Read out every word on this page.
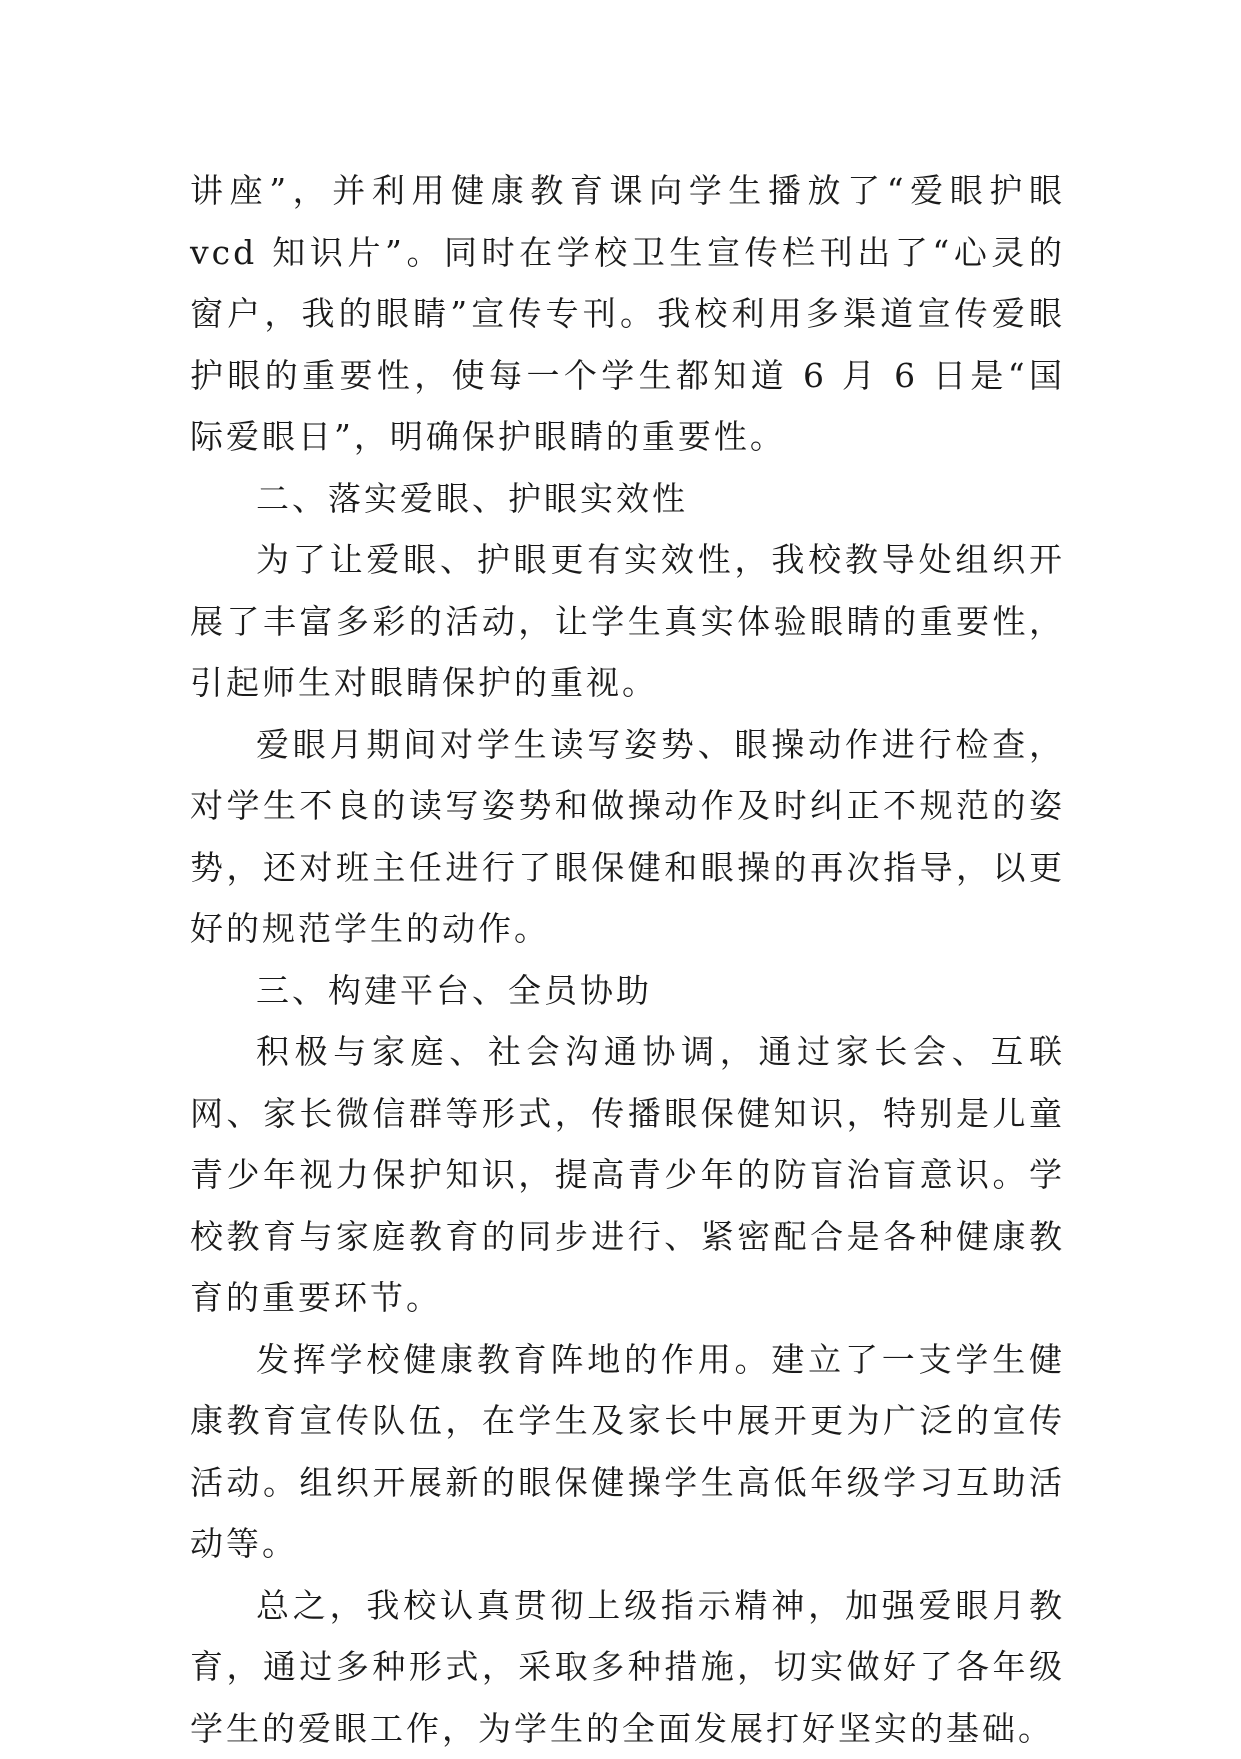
讲座”，并利用健康教育课向学生播放了“爱眼护眼 vcd 知识片”。同时在学校卫生宣传栏刊出了“心灵的窗户，我的眼睛”宣传专刊。我校利用多渠道宣传爱眼护眼的重要性，使每一个学生都知道 6 月 6 日是“国际爱眼日”，明确保护眼睛的重要性。

二、落实爱眼、护眼实效性

为了让爱眼、护眼更有实效性，我校教导处组织开展了丰富多彩的活动，让学生真实体验眼睛的重要性，引起师生对眼睛保护的重视。

爱眼月期间对学生读写姿势、眼操动作进行检查，对学生不良的读写姿势和做操动作及时纠正不规范的姿势，还对班主任进行了眼保健和眼操的再次指导，以更好的规范学生的动作。

三、构建平台、全员协助

积极与家庭、社会沟通协调，通过家长会、互联网、家长微信群等形式，传播眼保健知识，特别是儿童青少年视力保护知识，提高青少年的防盲治盲意识。学校教育与家庭教育的同步进行、紧密配合是各种健康教育的重要环节。

发挥学校健康教育阵地的作用。建立了一支学生健康教育宣传队伍，在学生及家长中展开更为广泛的宣传活动。组织开展新的眼保健操学生高低年级学习互助活动等。

总之，我校认真贯彻上级指示精神，加强爱眼月教育，通过多种形式，采取多种措施，切实做好了各年级学生的爱眼工作，为学生的全面发展打好坚实的基础。
